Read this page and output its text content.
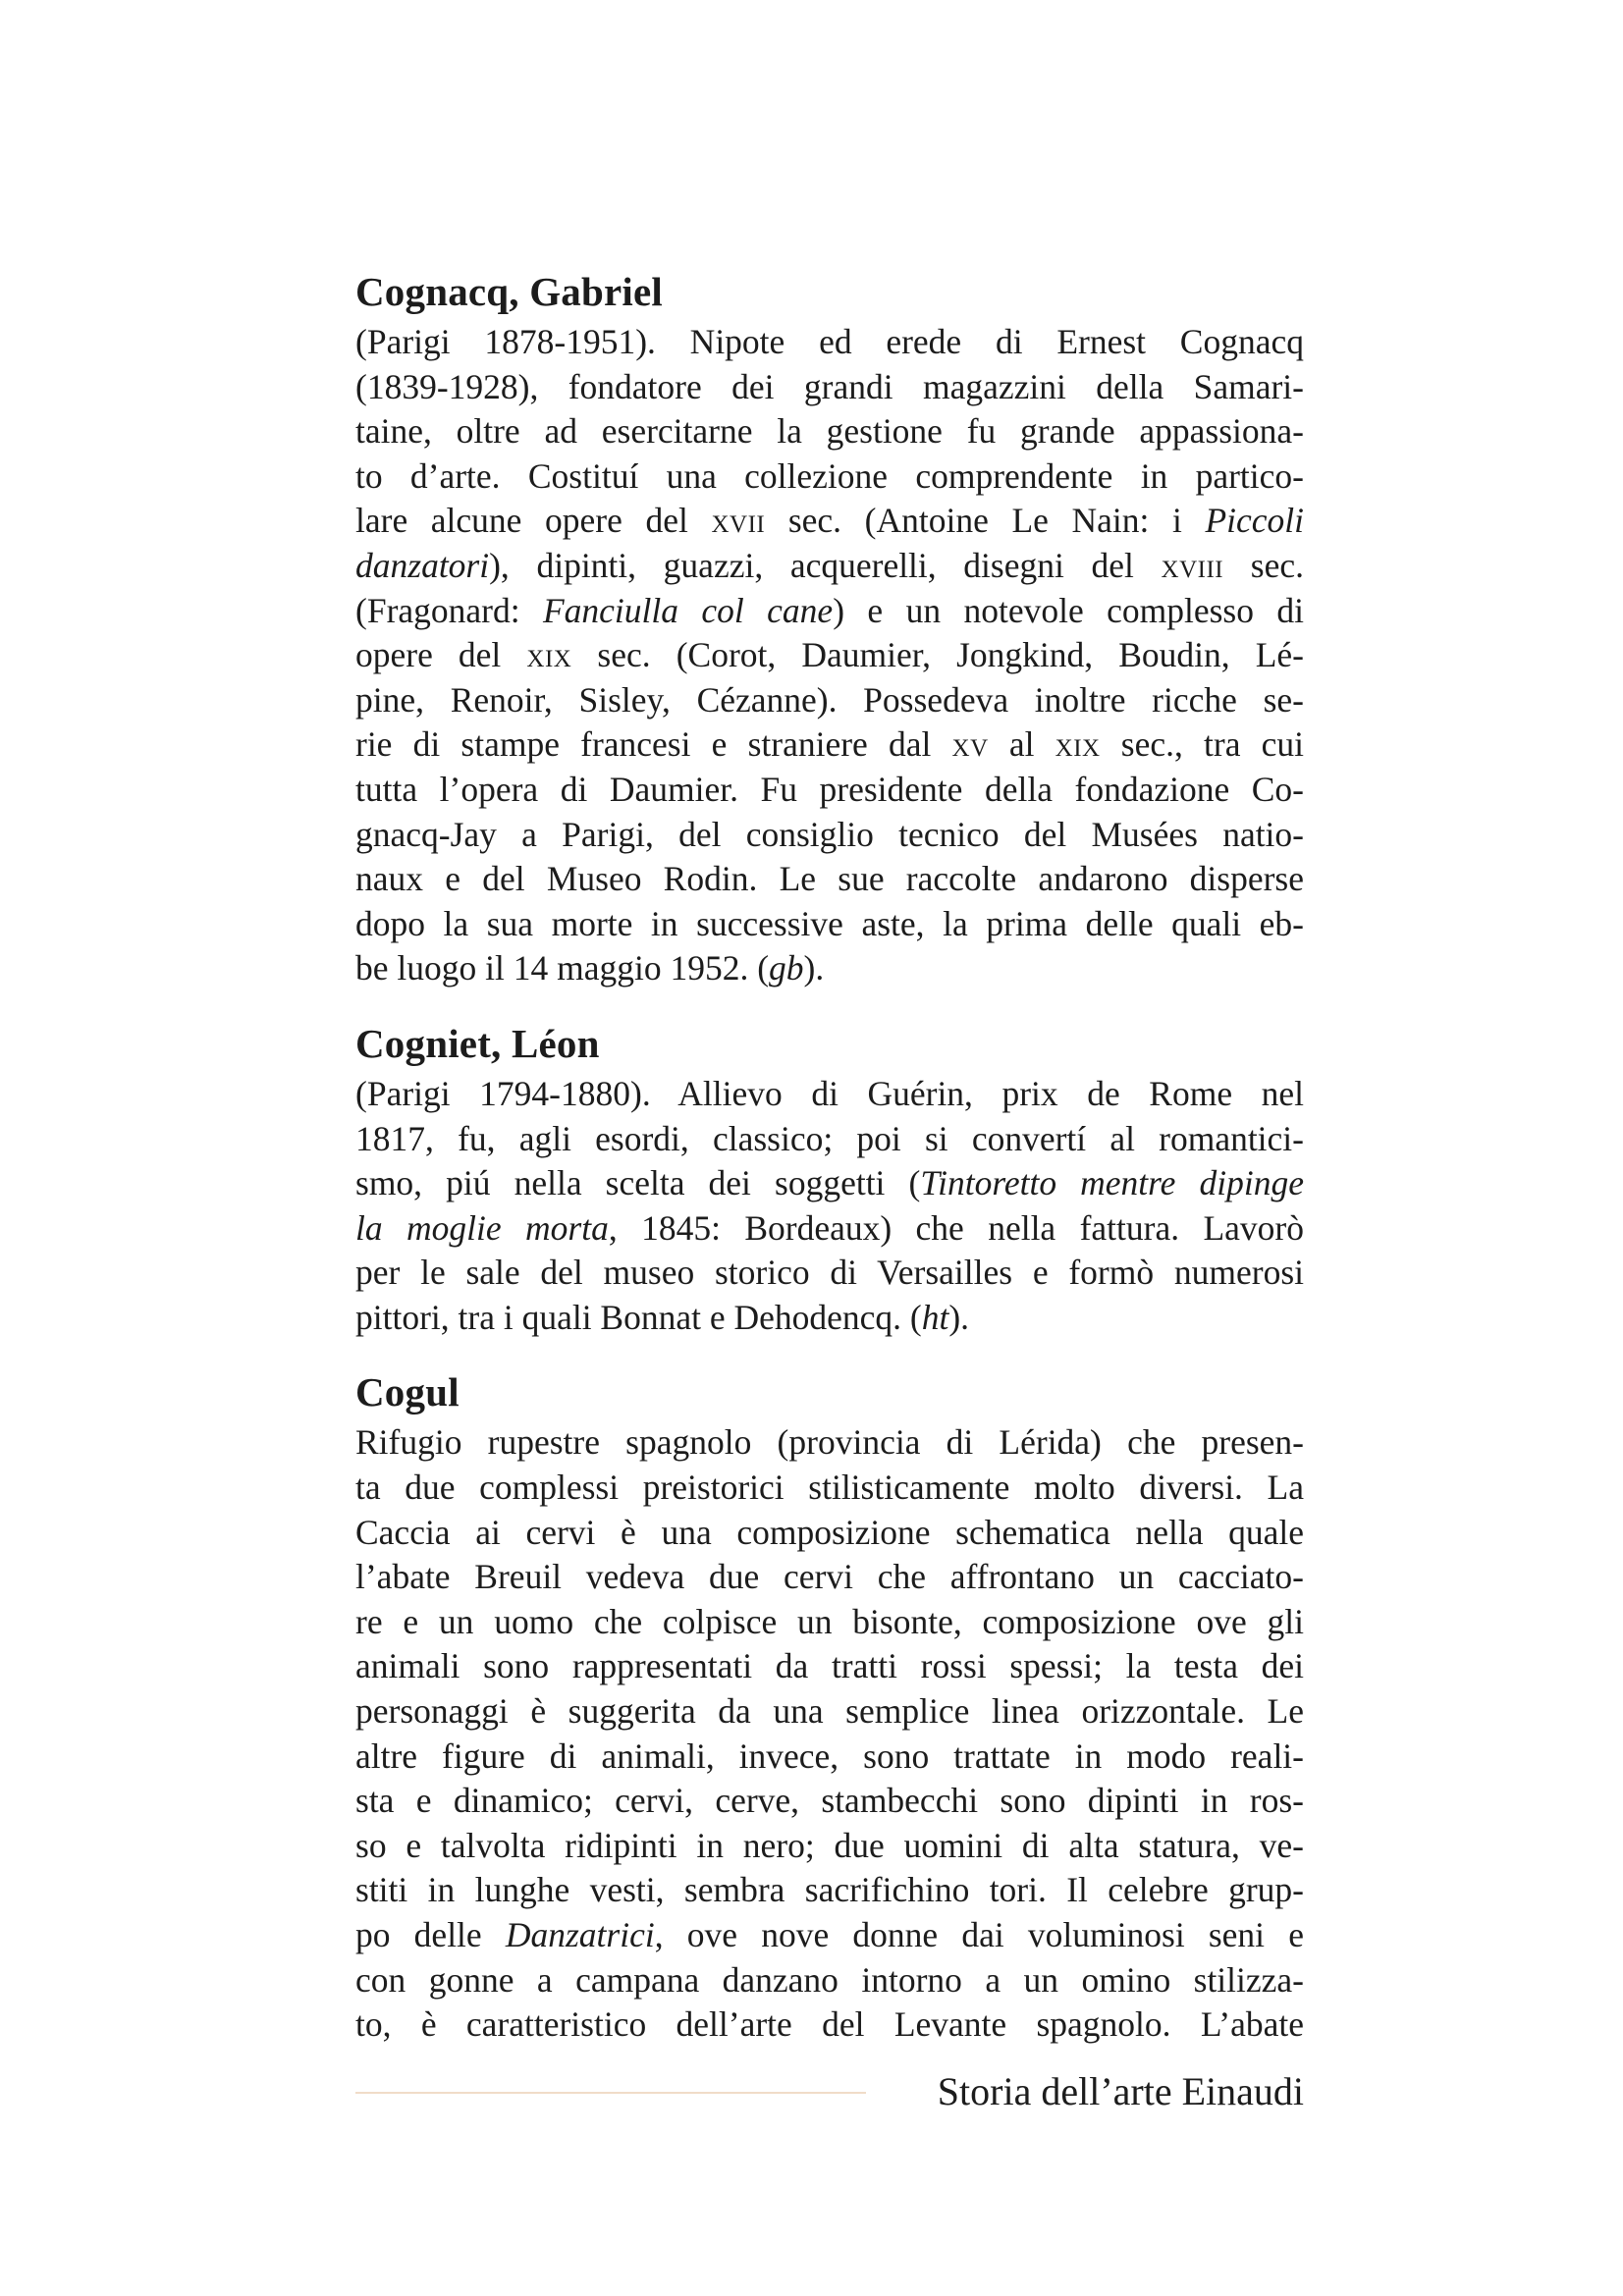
Cognacq, Gabriel

(Parigi 1878-1951). Nipote ed erede di Ernest Cognacq
(1839-1928), fondatore dei grandi magazzini della Samari-
taine, oltre ad esercitarne la gestione fu grande appassiona-
to d’arte. Costituí una collezione comprendente in partico-
lare alcune opere del xvii sec. (Antoine Le Nain: i Piccoli
danzatori), dipinti, guazzi, acquerelli, disegni del xviii sec.
(Fragonard: Fanciulla col cane) e un notevole complesso di
opere del xix sec. (Corot, Daumier, Jongkind, Boudin, Lé-
pine, Renoir, Sisley, Cézanne). Possedeva inoltre ricche se-
rie di stampe francesi e straniere dal xv al xix sec., tra cui
tutta l’opera di Daumier. Fu presidente della fondazione Co-
gnacq-Jay a Parigi, del consiglio tecnico del Musées natio-
naux e del Museo Rodin. Le sue raccolte andarono disperse
dopo la sua morte in successive aste, la prima delle quali eb-
be luogo il 14 maggio 1952. (gb).

Cogniet, Léon

(Parigi 1794-1880). Allievo di Guérin, prix de Rome nel
1817, fu, agli esordi, classico; poi si convertí al romantici-
smo, piú nella scelta dei soggetti (Tintoretto mentre dipinge
la moglie morta, 1845: Bordeaux) che nella fattura. Lavorò
per le sale del museo storico di Versailles e formò numerosi
pittori, tra i quali Bonnat e Dehodencq. (ht).

Cogul

Rifugio rupestre spagnolo (provincia di Lérida) che presen-
ta due complessi preistorici stilisticamente molto diversi. La
Caccia ai cervi è una composizione schematica nella quale
l’abate Breuil vedeva due cervi che affrontano un cacciato-
re e un uomo che colpisce un bisonte, composizione ove gli
animali sono rappresentati da tratti rossi spessi; la testa dei
personaggi è suggerita da una semplice linea orizzontale. Le
altre figure di animali, invece, sono trattate in modo reali-
sta e dinamico; cervi, cerve, stambecchi sono dipinti in ros-
so e talvolta ridipinti in nero; due uomini di alta statura, ve-
stiti in lunghe vesti, sembra sacrifichino tori. Il celebre grup-
po delle Danzatrici, ove nove donne dai voluminosi seni e
con gonne a campana danzano intorno a un omino stilizza-
to, è caratteristico dell’arte del Levante spagnolo. L’abate

Storia dell’arte Einaudi
